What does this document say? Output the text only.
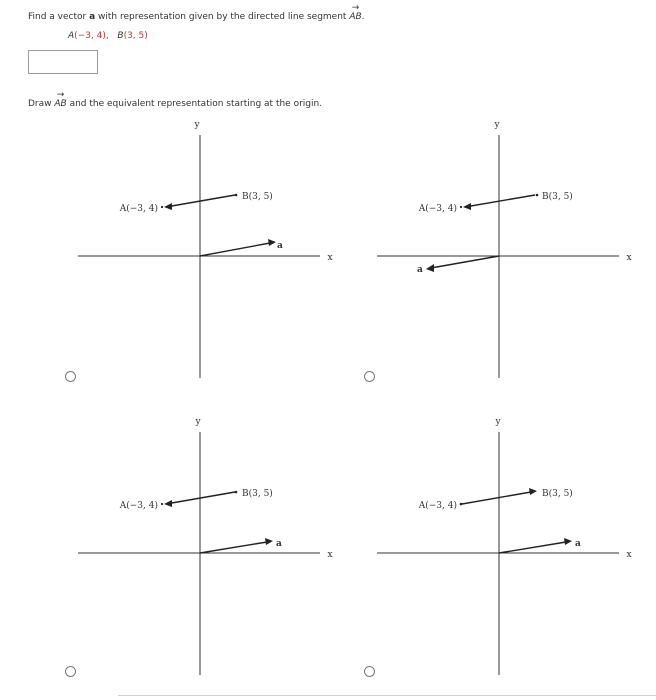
Find a vector a with representation given by the directed line segment → AB.
A(−3, 4), B(3, 5)
Draw → AB and the equivalent representation starting at the origin.
y
x
A(−3, 4)
B(3, 5)
a
y
x
A(−3, 4)
B(3, 5)
a
y
x
A(−3, 4)
B(3, 5)
a
y
x
A(−3, 4)
B(3, 5)
a
